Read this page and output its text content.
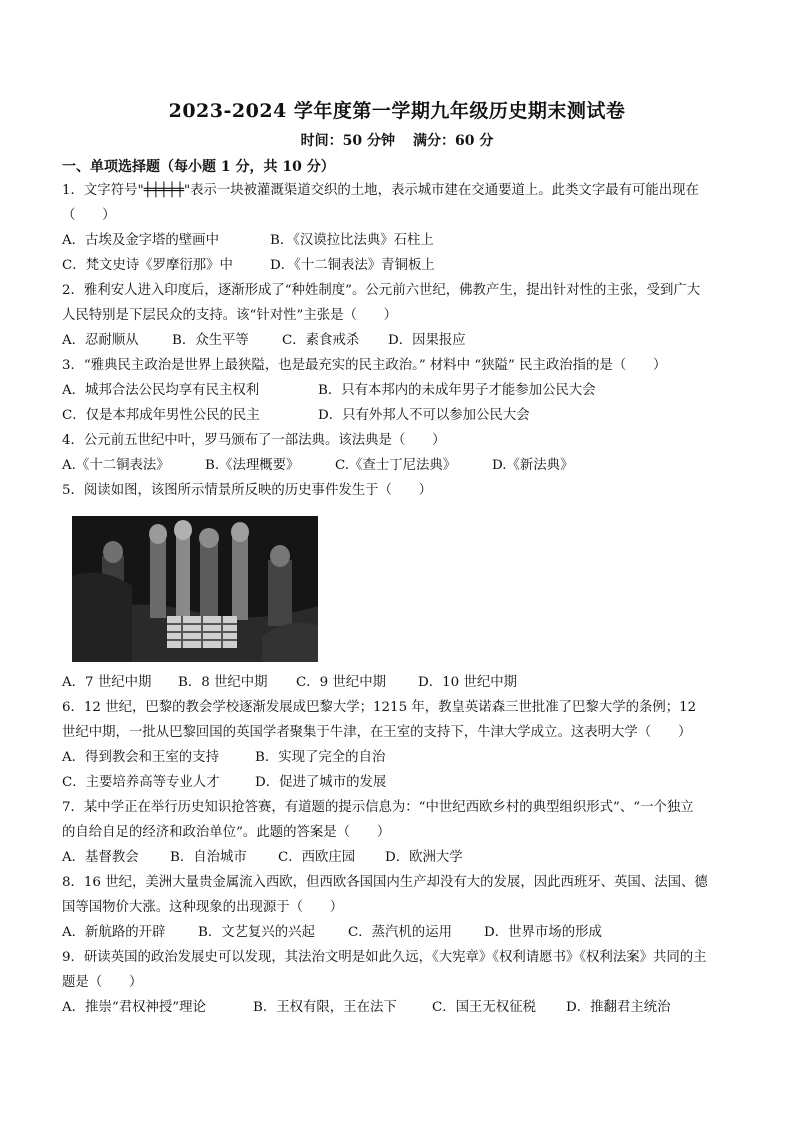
2023-2024 学年度第一学期九年级历史期末测试卷
时间：50 分钟 满分：60 分
一、单项选择题（每小题 1 分，共 10 分）
1．文字符号"╪╪╪╪╪"表示一块被灌溉渠道交织的土地，表示城市建在交通要道上。此类文字最有可能出现在
（　　）
A．古埃及金字塔的壁画中	B．《汉谟拉比法典》石柱上
C．梵文史诗《罗摩衍那》中	D．《十二铜表法》青铜板上
2．雅利安人进入印度后，逐渐形成了“种姓制度”。公元前六世纪，佛教产生，提出针对性的主张，受到广大
人民特别是下层民众的支持。该“针对性”主张是（　　）
A．忍耐顺从 B．众生平等 C．素食戒杀 D．因果报应
3．“雅典民主政治是世界上最狭隘，也是最充实的民主政治。” 材料中 “狭隘” 民主政治指的是（　　）
A．城邦合法公民均享有民主权利	B．只有本邦内的未成年男子才能参加公民大会
C．仅是本邦成年男性公民的民主	D．只有外邦人不可以参加公民大会
4．公元前五世纪中叶，罗马颁布了一部法典。该法典是（　　）
A.《十二铜表法》	B.《法理概要》	C.《查士丁尼法典》	D.《新法典》
5．阅读如图，该图所示情景所反映的历史事件发生于（　　）
A．7 世纪中期 B．8 世纪中期 C．9 世纪中期 D．10 世纪中期
6．12 世纪，巴黎的教会学校逐渐发展成巴黎大学；1215 年，教皇英诺森三世批准了巴黎大学的条例；12
世纪中期，一批从巴黎回国的英国学者聚集于牛津，在王室的支持下，牛津大学成立。这表明大学（　　）
A．得到教会和王室的支持	B．实现了完全的自治
C．主要培养高等专业人才	D．促进了城市的发展
7．某中学正在举行历史知识抢答赛，有道题的提示信息为：“中世纪西欧乡村的典型组织形式”、“一个独立
的自给自足的经济和政治单位”。此题的答案是（　　）
A．基督教会 B．自治城市 C．西欧庄园 D．欧洲大学
8．16 世纪，美洲大量贵金属流入西欧，但西欧各国国内生产却没有大的发展，因此西班牙、英国、法国、德
国等国物价大涨。这种现象的出现源于（　　）
A．新航路的开辟 B．文艺复兴的兴起 C．蒸汽机的运用 D．世界市场的形成
9．研读英国的政治发展史可以发现，其法治文明是如此久远，《大宪章》《权利请愿书》《权利法案》共同的主
题是（　　）
A．推崇“君权神授”理论	B．王权有限，王在法下	C．国王无权征税 D．推翻君主统治
